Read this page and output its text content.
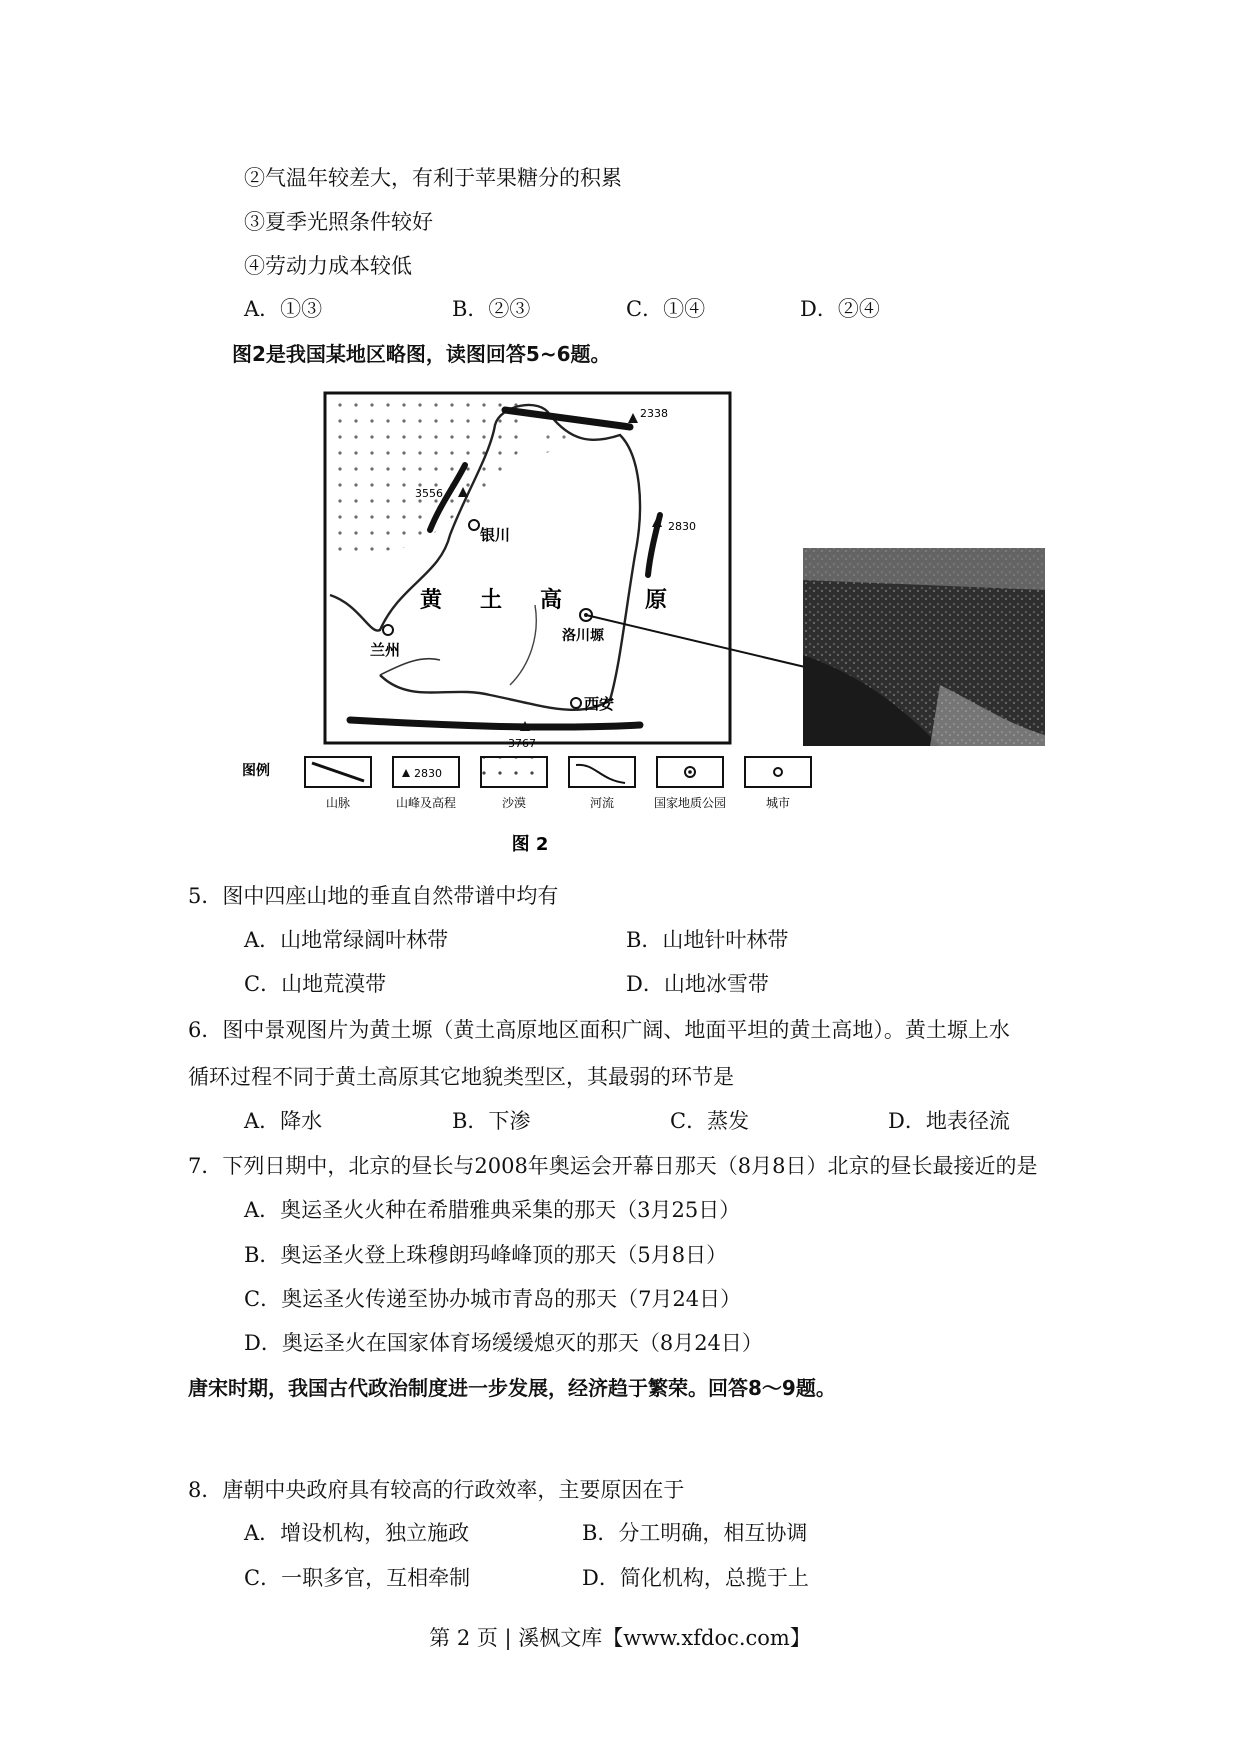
②气温年较差大，有利于苹果糖分的积累
③夏季光照条件较好
④劳动力成本较低
A．①③	B．②③	C．①④	D．②④
图2是我国某地区略图，读图回答5~6题。
2338
3556
2830
3767
银川
兰州
西安
洛川塬
黄 土 高	原
图例
山脉
2830
山峰及高程	沙漠	河流	国家地质公园	城市
图 2
5．图中四座山地的垂直自然带谱中均有
A．山地常绿阔叶林带	B．山地针叶林带
C．山地荒漠带	D．山地冰雪带
6．图中景观图片为黄土塬（黄土高原地区面积广阔、地面平坦的黄土高地）。黄土塬上水
循环过程不同于黄土高原其它地貌类型区，其最弱的环节是
A．降水	B．下渗	C．蒸发	D．地表径流
7．下列日期中，北京的昼长与2008年奥运会开幕日那天（8月8日）北京的昼长最接近的是
A．奥运圣火火种在希腊雅典采集的那天（3月25日）
B．奥运圣火登上珠穆朗玛峰峰顶的那天（5月8日）
C．奥运圣火传递至协办城市青岛的那天（7月24日）
D．奥运圣火在国家体育场缓缓熄灭的那天（8月24日）
唐宋时期，我国古代政治制度进一步发展，经济趋于繁荣。回答8～9题。
8．唐朝中央政府具有较高的行政效率，主要原因在于
A．增设机构，独立施政	B．分工明确，相互协调
C．一职多官，互相牵制	D．简化机构，总揽于上
第 2 页 | 溪枫文库【www.xfdoc.com】
